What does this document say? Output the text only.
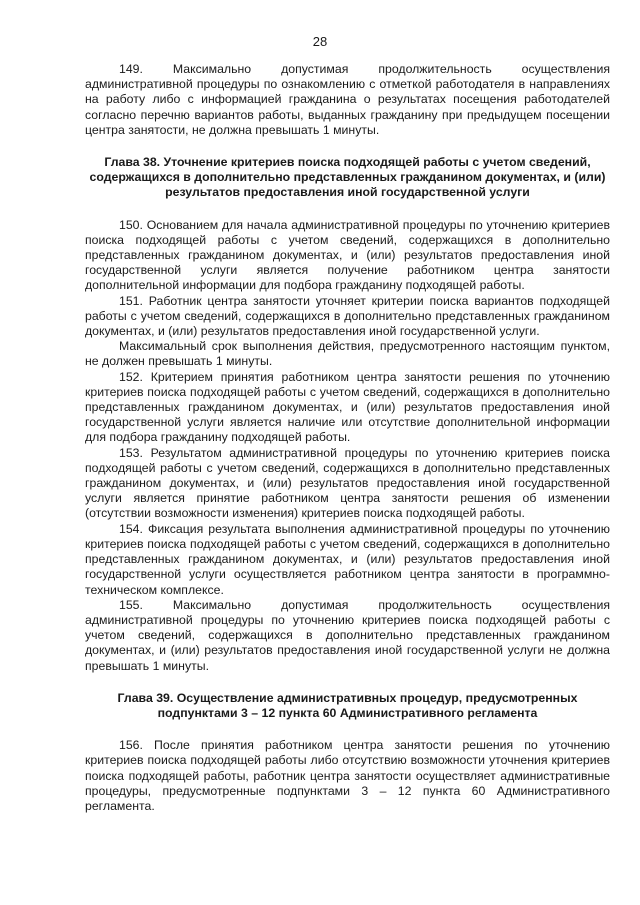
28

149. Максимально допустимая продолжительность осуществления административной процедуры по ознакомлению с отметкой работодателя в направлениях на работу либо с информацией гражданина о результатах посещения работодателей согласно перечню вариантов работы, выданных гражданину при предыдущем посещении центра занятости, не должна превышать 1 минуты.

Глава 38. Уточнение критериев поиска подходящей работы с учетом сведений, содержащихся в дополнительно представленных гражданином документах, и (или) результатов предоставления иной государственной услуги

150. Основанием для начала административной процедуры по уточнению критериев поиска подходящей работы с учетом сведений, содержащихся в дополнительно представленных гражданином документах, и (или) результатов предоставления иной государственной услуги является получение работником центра занятости дополнительной информации для подбора гражданину подходящей работы.

151. Работник центра занятости уточняет критерии поиска вариантов подходящей работы с учетом сведений, содержащихся в дополнительно представленных гражданином документах, и (или) результатов предоставления иной государственной услуги.

Максимальный срок выполнения действия, предусмотренного настоящим пунктом, не должен превышать 1 минуты.

152. Критерием принятия работником центра занятости решения по уточнению критериев поиска подходящей работы с учетом сведений, содержащихся в дополнительно представленных гражданином документах, и (или) результатов предоставления иной государственной услуги является наличие или отсутствие дополнительной информации для подбора гражданину подходящей работы.

153. Результатом административной процедуры по уточнению критериев поиска подходящей работы с учетом сведений, содержащихся в дополнительно представленных гражданином документах, и (или) результатов предоставления иной государственной услуги является принятие работником центра занятости решения об изменении (отсутствии возможности изменения) критериев поиска подходящей работы.

154. Фиксация результата выполнения административной процедуры по уточнению критериев поиска подходящей работы с учетом сведений, содержащихся в дополнительно представленных гражданином документах, и (или) результатов предоставления иной государственной услуги осуществляется работником центра занятости в программно-техническом комплексе.

155. Максимально допустимая продолжительность осуществления административной процедуры по уточнению критериев поиска подходящей работы с учетом сведений, содержащихся в дополнительно представленных гражданином документах, и (или) результатов предоставления иной государственной услуги не должна превышать 1 минуты.

Глава 39. Осуществление административных процедур, предусмотренных подпунктами 3 – 12 пункта 60 Административного регламента

156. После принятия работником центра занятости решения по уточнению критериев поиска подходящей работы либо отсутствию возможности уточнения критериев поиска подходящей работы, работник центра занятости осуществляет административные процедуры, предусмотренные подпунктами 3 – 12 пункта 60 Административного регламента.
